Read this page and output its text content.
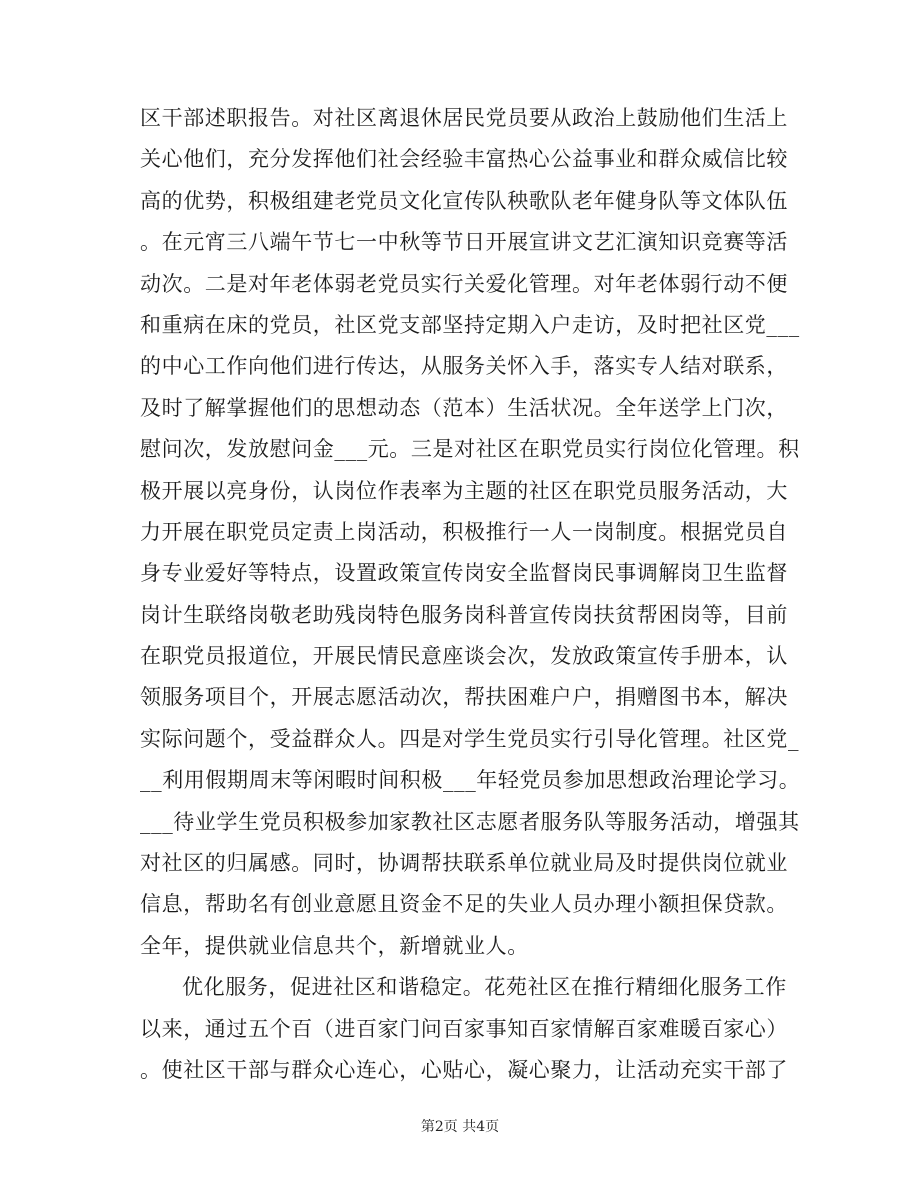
区干部述职报告。对社区离退休居民党员要从政治上鼓励他们生活上
关心他们，充分发挥他们社会经验丰富热心公益事业和群众威信比较
高的优势，积极组建老党员文化宣传队秧歌队老年健身队等文体队伍
。在元宵三八端午节七一中秋等节日开展宣讲文艺汇演知识竞赛等活
动次。二是对年老体弱老党员实行关爱化管理。对年老体弱行动不便
和重病在床的党员，社区党支部坚持定期入户走访，及时把社区党___
的中心工作向他们进行传达，从服务关怀入手，落实专人结对联系，
及时了解掌握他们的思想动态（范本）生活状况。全年送学上门次，
慰问次，发放慰问金___元。三是对社区在职党员实行岗位化管理。积
极开展以亮身份，认岗位作表率为主题的社区在职党员服务活动，大
力开展在职党员定责上岗活动，积极推行一人一岗制度。根据党员自
身专业爱好等特点，设置政策宣传岗安全监督岗民事调解岗卫生监督
岗计生联络岗敬老助残岗特色服务岗科普宣传岗扶贫帮困岗等，目前
在职党员报道位，开展民情民意座谈会次，发放政策宣传手册本，认
领服务项目个，开展志愿活动次，帮扶困难户户，捐赠图书本，解决
实际问题个，受益群众人。四是对学生党员实行引导化管理。社区党_
__利用假期周末等闲暇时间积极___年轻党员参加思想政治理论学习。
___待业学生党员积极参加家教社区志愿者服务队等服务活动，增强其
对社区的归属感。同时，协调帮扶联系单位就业局及时提供岗位就业
信息，帮助名有创业意愿且资金不足的失业人员办理小额担保贷款。
全年，提供就业信息共个，新增就业人。
优化服务，促进社区和谐稳定。花苑社区在推行精细化服务工作
以来，通过五个百（进百家门问百家事知百家情解百家难暖百家心）
。使社区干部与群众心连心，心贴心，凝心聚力，让活动充实干部了
第2页 共4页
